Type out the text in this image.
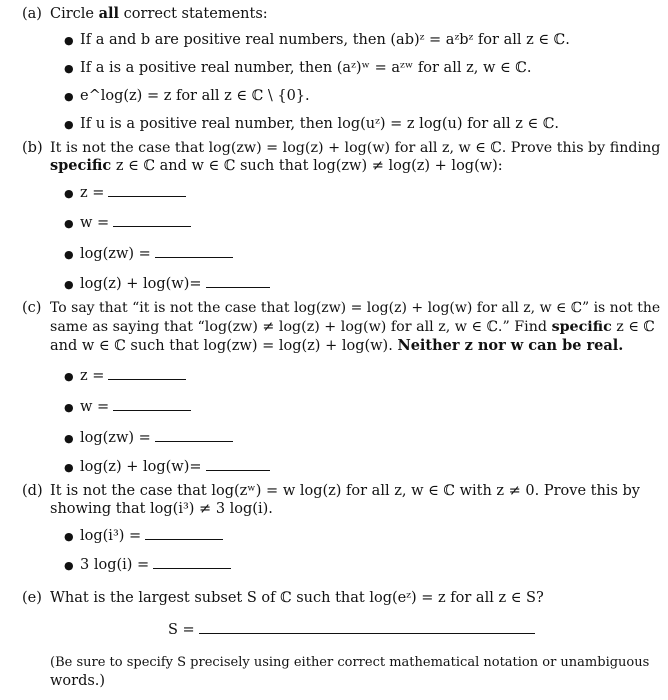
(a) Circle all correct statements:
● If a and b are positive real numbers, then (ab)ᶻ = aᶻbᶻ for all z ∈ ℂ.
● If a is a positive real number, then (aᶻ)ʷ = aᶻʷ for all z, w ∈ ℂ.
● e^log(z) = z for all z ∈ ℂ \ {0}.
● If u is a positive real number, then log(uᶻ) = z log(u) for all z ∈ ℂ.
(b) It is not the case that log(zw) = log(z) + log(w) for all z, w ∈ ℂ. Prove this by finding
specific z ∈ ℂ and w ∈ ℂ such that log(zw) ≠ log(z) + log(w):
● z =
● w =
● log(zw) =
● log(z) + log(w)=
(c) To say that “it is not the case that log(zw) = log(z) + log(w) for all z, w ∈ ℂ” is not the
same as saying that “log(zw) ≠ log(z) + log(w) for all z, w ∈ ℂ.” Find specific z ∈ ℂ
and w ∈ ℂ such that log(zw) = log(z) + log(w). Neither z nor w can be real.
● z =
● w =
● log(zw) =
● log(z) + log(w)=
(d) It is not the case that log(zʷ) = w log(z) for all z, w ∈ ℂ with z ≠ 0. Prove this by
showing that log(i³) ≠ 3 log(i).
● log(i³) =
● 3 log(i) =
(e) What is the largest subset S of ℂ such that log(eᶻ) = z for all z ∈ S?
S =
(Be sure to specify S precisely using either correct mathematical notation or unambiguous
words.)
